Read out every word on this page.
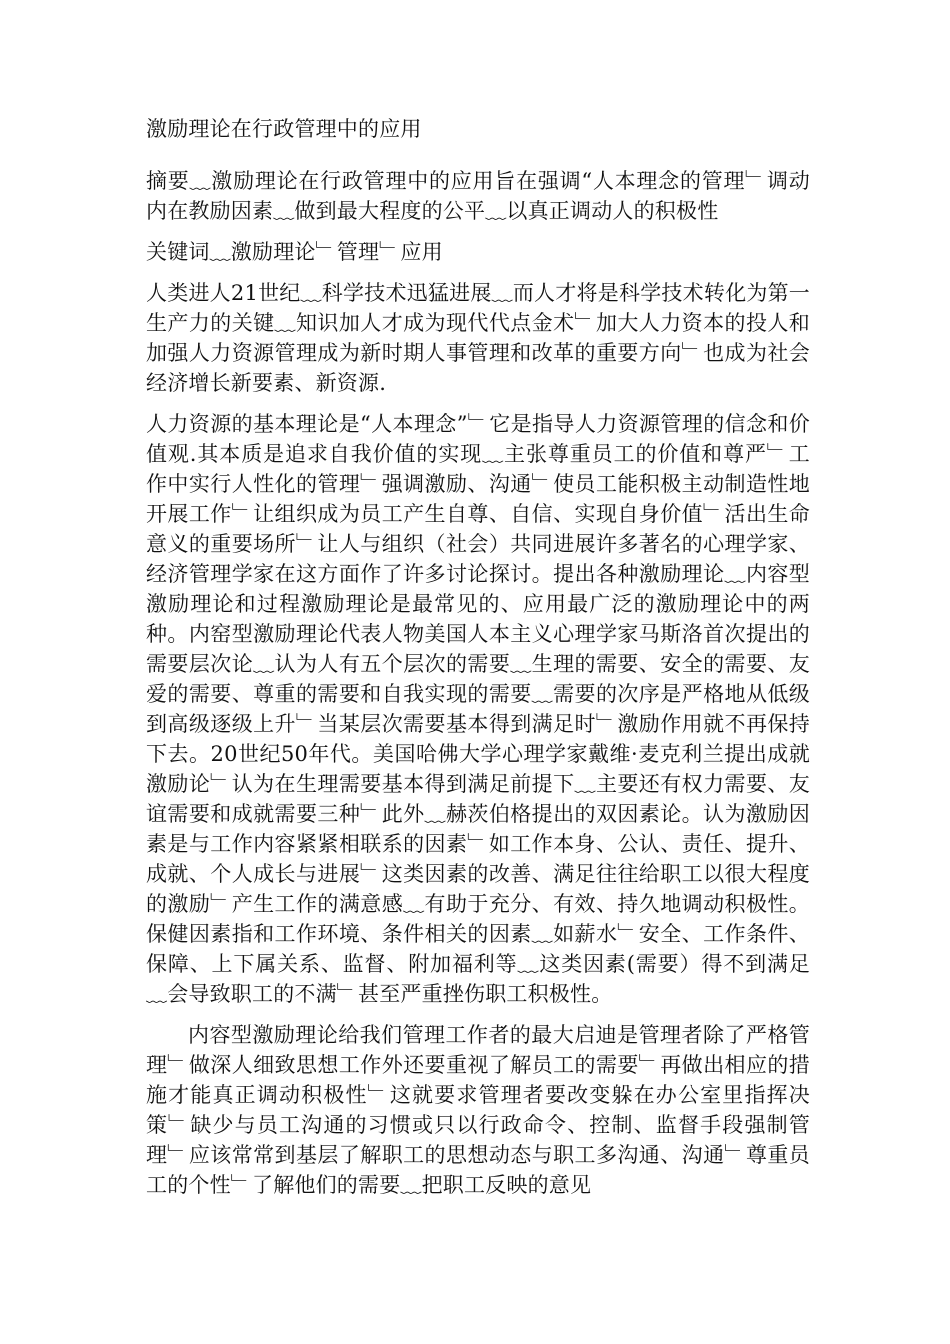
激励理论在行政管理中的应用

摘要﹏激励理论在行政管理中的应用旨在强调“人本理念的管理﹂调动内在教励因素﹏做到最大程度的公平﹏以真正调动人的积极性

关键词﹏激励理论﹂管理﹂应用

人类进人21世纪﹏科学技术迅猛进展﹏而人才将是科学技术转化为第一生产力的关键﹏知识加人才成为现代代点金术﹂加大人力资本的投人和加强人力资源管理成为新时期人事管理和改革的重要方向﹂也成为社会经济增长新要素、新资源.

人力资源的基本理论是“人本理念”﹂它是指导人力资源管理的信念和价值观.其本质是追求自我价值的实现﹏主张尊重员工的价值和尊严﹂工作中实行人性化的管理﹂强调激励、沟通﹂使员工能积极主动制造性地开展工作﹂让组织成为员工产生自尊、自信、实现自身价值﹂活出生命意义的重要场所﹂让人与组织（社会）共同进展许多著名的心理学家、经济管理学家在这方面作了许多讨论探讨。提出各种激励理论﹏内容型激励理论和过程激励理论是最常见的、应用最广泛的激励理论中的两种。内窑型激励理论代表人物美国人本主义心理学家马斯洛首次提出的需要层次论﹏认为人有五个层次的需要﹏生理的需要、安全的需要、友爱的需要、尊重的需要和自我实现的需要﹏需要的次序是严格地从低级到高级逐级上升﹂当某层次需要基本得到满足时﹂激励作用就不再保持下去。20世纪50年代。美国哈佛大学心理学家戴维·麦克利兰提出成就激励论﹂认为在生理需要基本得到满足前提下﹏主要还有权力需要、友谊需要和成就需要三种﹂此外﹏赫茨伯格提出的双因素论。认为激励因素是与工作内容紧紧相联系的因素﹂如工作本身、公认、责任、提升、成就、个人成长与进展﹂这类因素的改善、满足往往给职工以很大程度的激励﹂产生工作的满意感﹏有助于充分、有效、持久地调动积极性。保健因素指和工作环境、条件相关的因素﹏如薪水﹂安全、工作条件、保障、上下属关系、监督、附加福利等﹏这类因素(需要）得不到满足﹏会导致职工的不满﹂甚至严重挫伤职工积极性。

内容型激励理论给我们管理工作者的最大启迪是管理者除了严格管理﹂做深人细致思想工作外还要重视了解员工的需要﹂再做出相应的措施才能真正调动积极性﹂这就要求管理者要改变躲在办公室里指挥决策﹂缺少与员工沟通的习惯或只以行政命令、控制、监督手段强制管理﹂应该常常到基层了解职工的思想动态与职工多沟通、沟通﹂尊重员工的个性﹂了解他们的需要﹏把职工反映的意见
